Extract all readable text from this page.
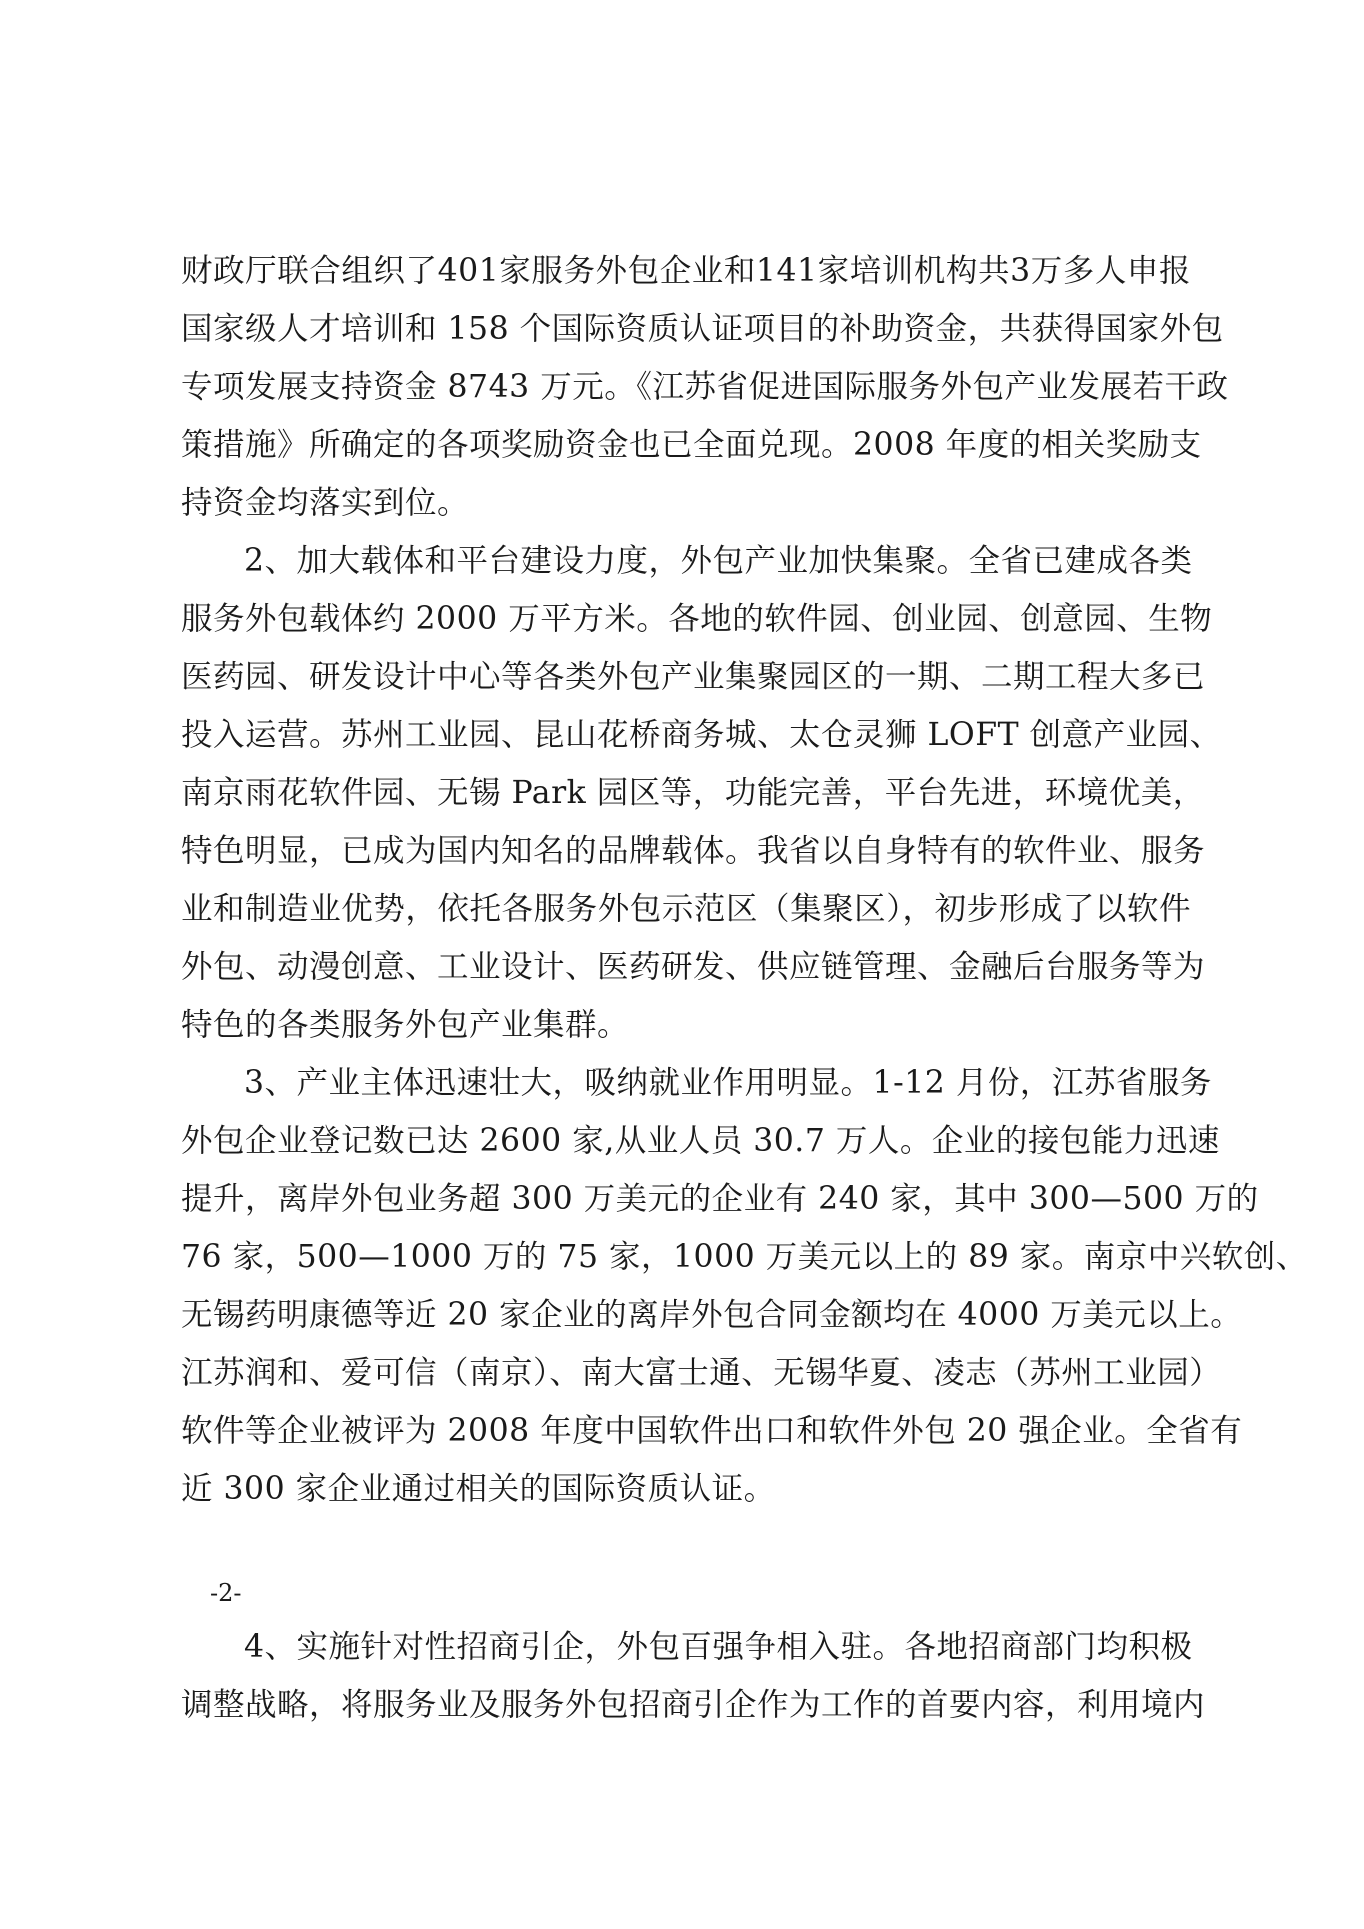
财政厅联合组织了401家服务外包企业和141家培训机构共3万多人申报
国家级人才培训和 158 个国际资质认证项目的补助资金，共获得国家外包
专项发展支持资金 8743 万元。《江苏省促进国际服务外包产业发展若干政
策措施》所确定的各项奖励资金也已全面兑现。2008 年度的相关奖励支
持资金均落实到位。
2、加大载体和平台建设力度，外包产业加快集聚。全省已建成各类
服务外包载体约 2000 万平方米。各地的软件园、创业园、创意园、生物
医药园、研发设计中心等各类外包产业集聚园区的一期、二期工程大多已
投入运营。苏州工业园、昆山花桥商务城、太仓灵狮 LOFT 创意产业园、
南京雨花软件园、无锡 Park 园区等，功能完善，平台先进，环境优美，
特色明显，已成为国内知名的品牌载体。我省以自身特有的软件业、服务
业和制造业优势，依托各服务外包示范区（集聚区），初步形成了以软件
外包、动漫创意、工业设计、医药研发、供应链管理、金融后台服务等为
特色的各类服务外包产业集群。
3、产业主体迅速壮大，吸纳就业作用明显。1-12 月份，江苏省服务
外包企业登记数已达 2600 家,从业人员 30.7 万人。企业的接包能力迅速
提升，离岸外包业务超 300 万美元的企业有 240 家，其中 300—500 万的
76 家，500—1000 万的 75 家，1000 万美元以上的 89 家。南京中兴软创、
无锡药明康德等近 20 家企业的离岸外包合同金额均在 4000 万美元以上。
江苏润和、爱可信（南京）、南大富士通、无锡华夏、凌志（苏州工业园）
软件等企业被评为 2008 年度中国软件出口和软件外包 20 强企业。全省有
近 300 家企业通过相关的国际资质认证。
-2-
4、实施针对性招商引企，外包百强争相入驻。各地招商部门均积极
调整战略，将服务业及服务外包招商引企作为工作的首要内容，利用境内
